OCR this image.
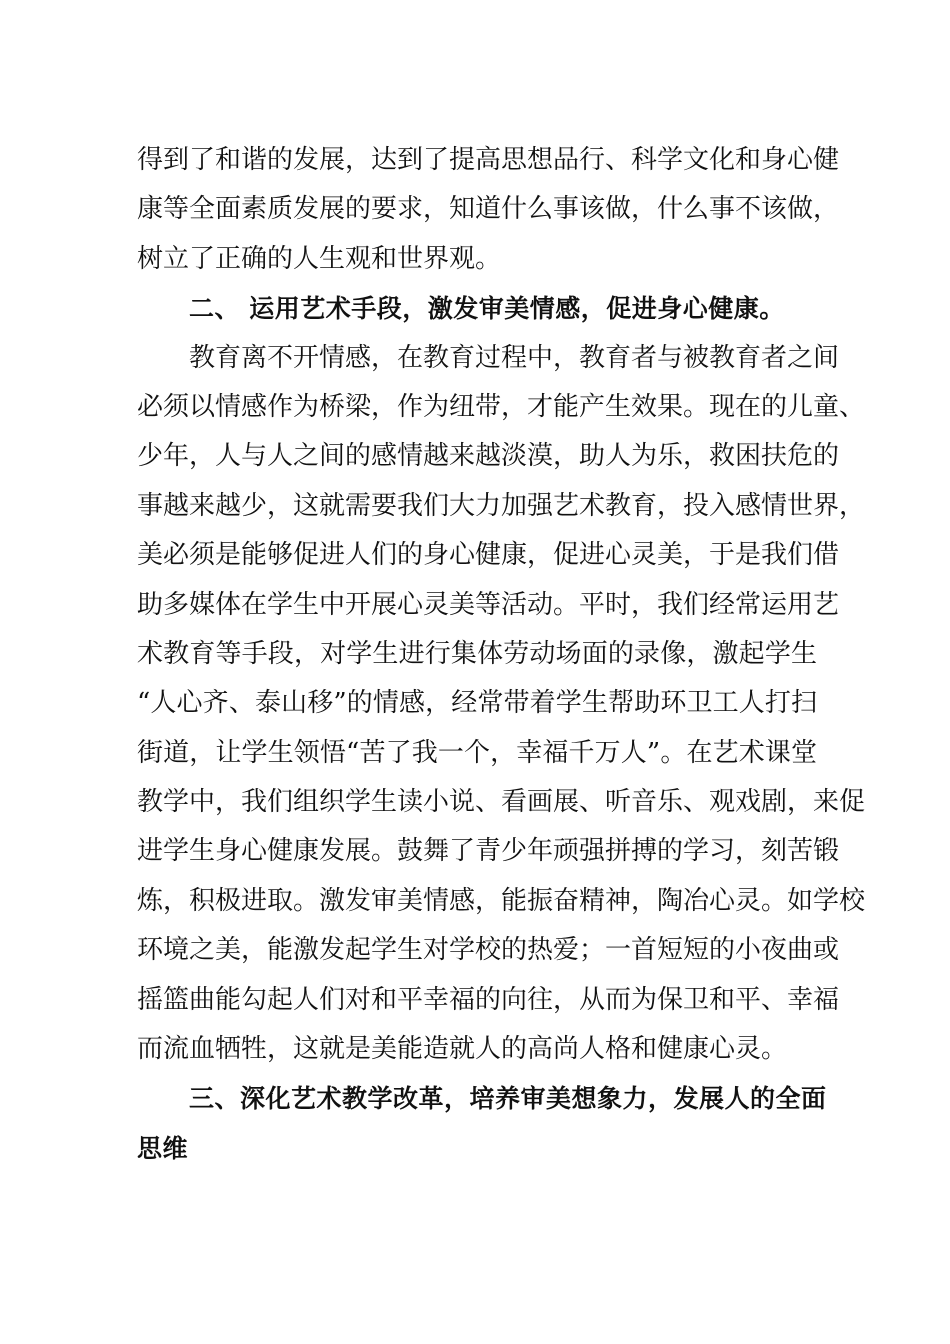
得到了和谐的发展，达到了提高思想品行、科学文化和身心健
康等全面素质发展的要求，知道什么事该做，什么事不该做，
树立了正确的人生观和世界观。
二、 运用艺术手段，激发审美情感，促进身心健康。
教育离不开情感，在教育过程中，教育者与被教育者之间
必须以情感作为桥梁，作为纽带，才能产生效果。现在的儿童、
少年，人与人之间的感情越来越淡漠，助人为乐，救困扶危的
事越来越少，这就需要我们大力加强艺术教育，投入感情世界，
美必须是能够促进人们的身心健康，促进心灵美，于是我们借
助多媒体在学生中开展心灵美等活动。平时，我们经常运用艺
术教育等手段，对学生进行集体劳动场面的录像，激起学生
“人心齐、泰山移”的情感，经常带着学生帮助环卫工人打扫
街道，让学生领悟“苦了我一个，幸福千万人”。在艺术课堂
教学中，我们组织学生读小说、看画展、听音乐、观戏剧，来促
进学生身心健康发展。鼓舞了青少年顽强拼搏的学习，刻苦锻
炼，积极进取。激发审美情感，能振奋精神，陶冶心灵。如学校
环境之美，能激发起学生对学校的热爱；一首短短的小夜曲或
摇篮曲能勾起人们对和平幸福的向往，从而为保卫和平、幸福
而流血牺牲，这就是美能造就人的高尚人格和健康心灵。
三、深化艺术教学改革，培养审美想象力，发展人的全面
思维
